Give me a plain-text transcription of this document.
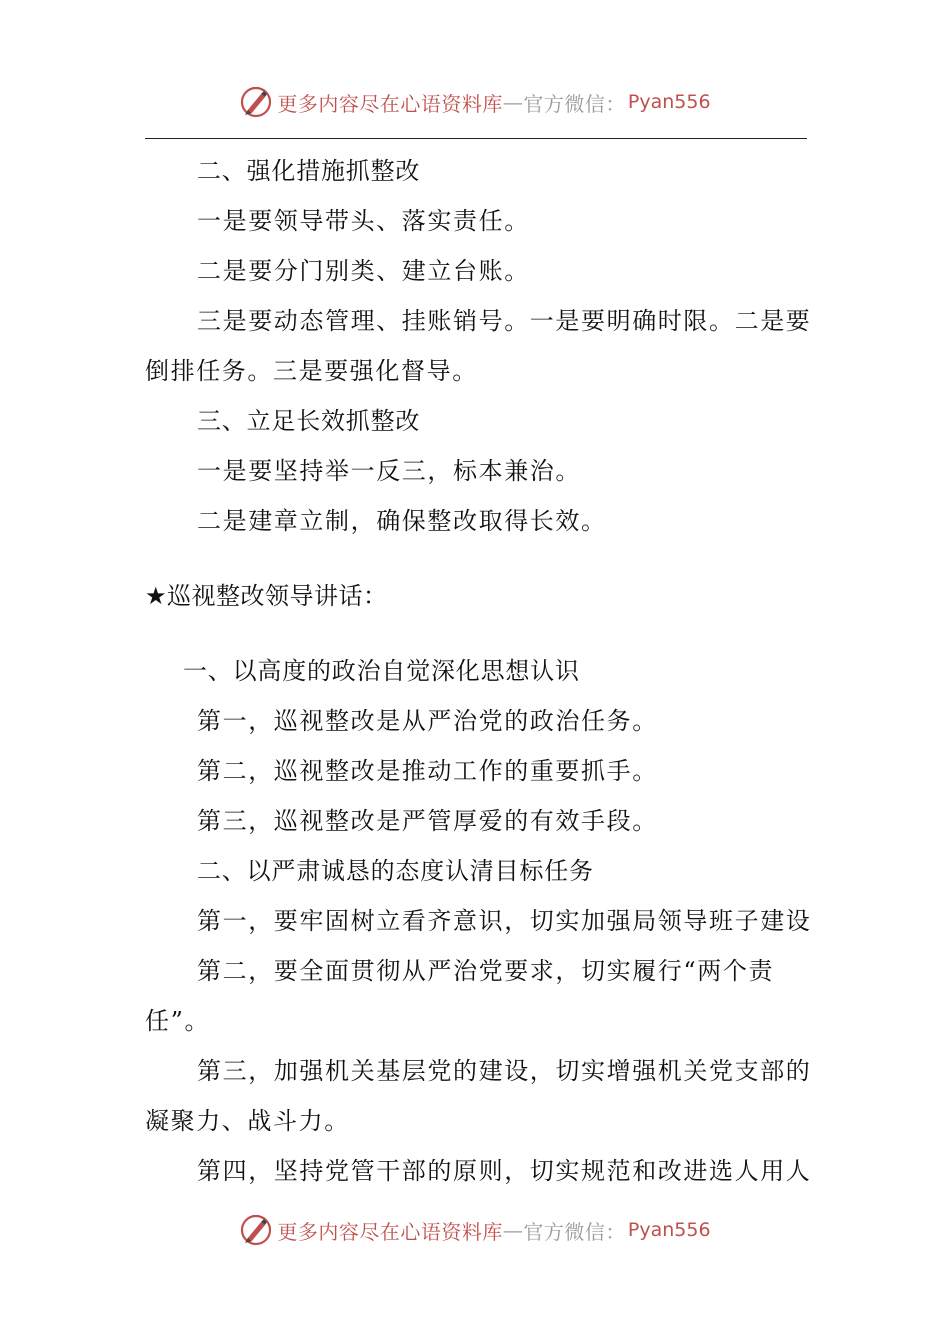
更多内容尽在心语资料库 — 官方微信： Pyan556
二、强化措施抓整改
一是要领导带头、落实责任。
二是要分门别类、建立台账。
三是要动态管理、挂账销号。一是要明确时限。二是要
倒排任务。三是要强化督导。
三、立足长效抓整改
一是要坚持举一反三，标本兼治。
二是建章立制，确保整改取得长效。
★巡视整改领导讲话：
一、以高度的政治自觉深化思想认识
第一，巡视整改是从严治党的政治任务。
第二，巡视整改是推动工作的重要抓手。
第三，巡视整改是严管厚爱的有效手段。
二、以严肃诚恳的态度认清目标任务
第一，要牢固树立看齐意识，切实加强局领导班子建设
第二，要全面贯彻从严治党要求，切实履行“两个责
任”。
第三，加强机关基层党的建设，切实增强机关党支部的
凝聚力、战斗力。
第四，坚持党管干部的原则，切实规范和改进选人用人
更多内容尽在心语资料库 — 官方微信： Pyan556
